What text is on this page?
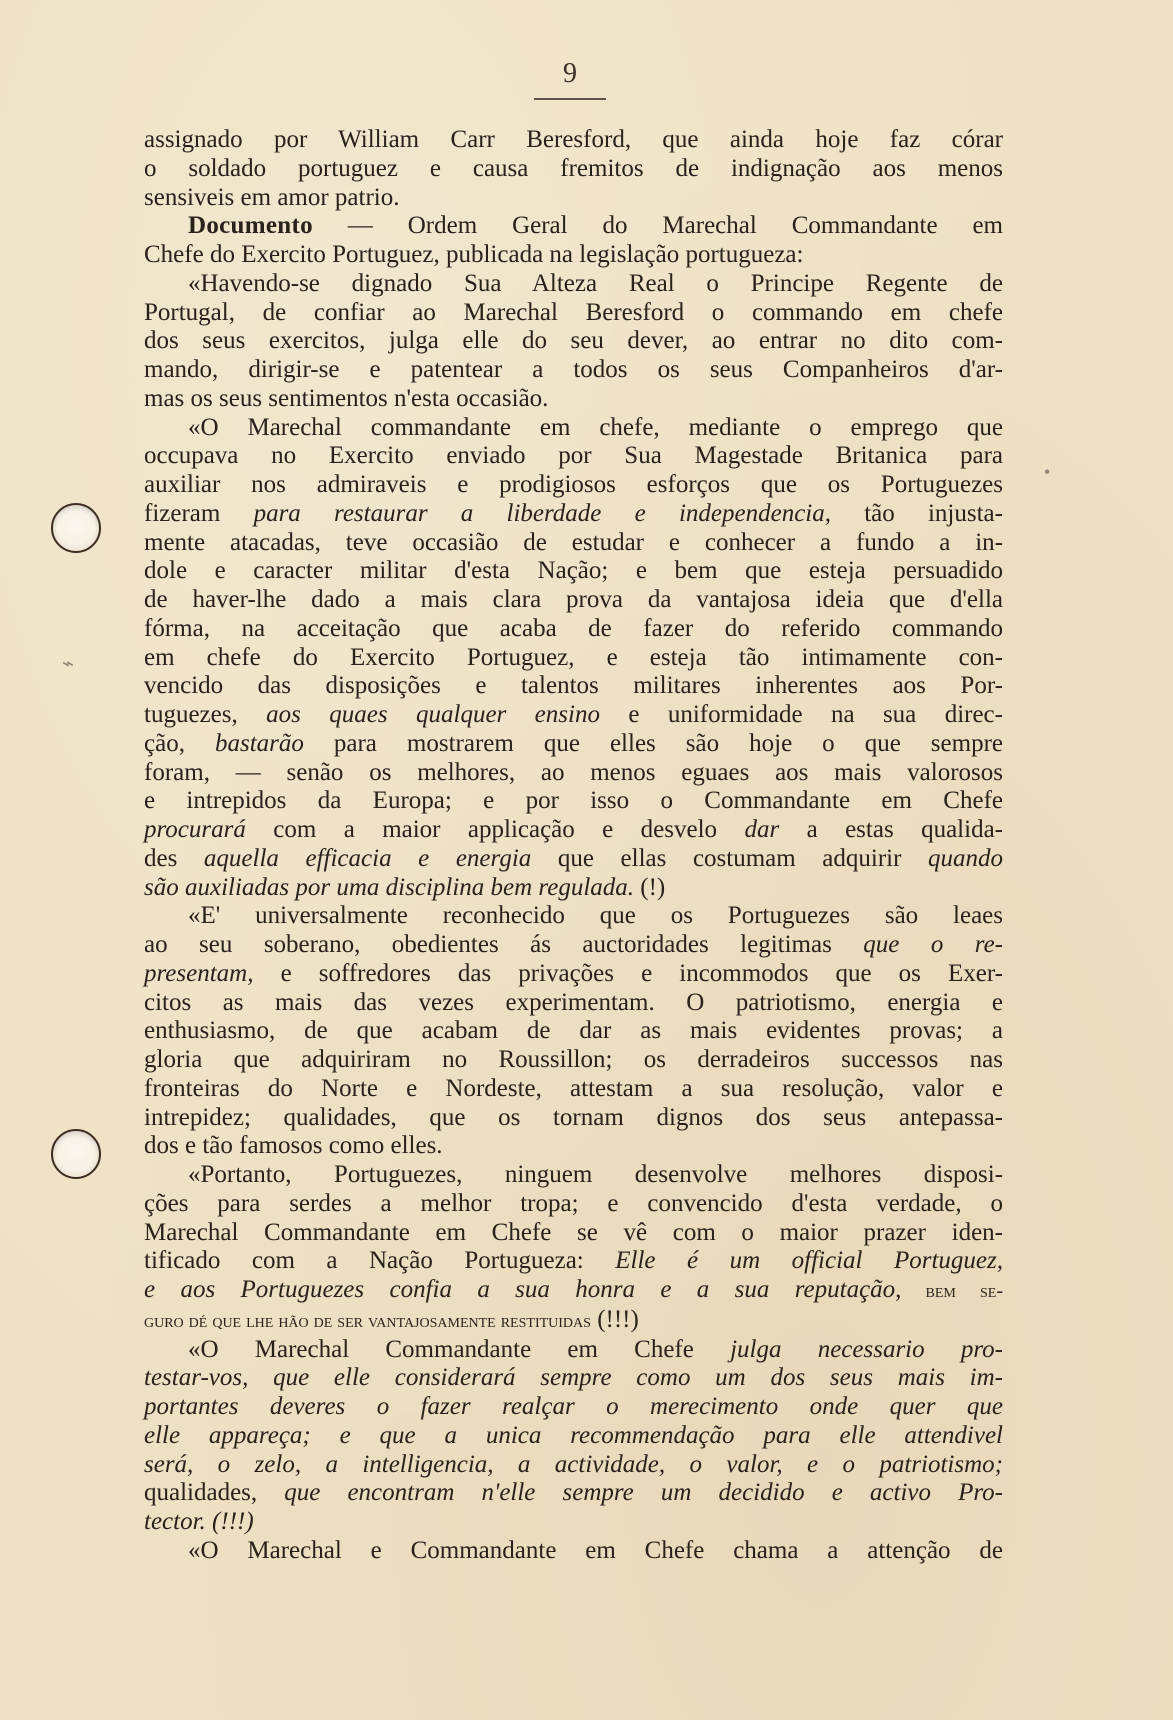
9
⌁
•
assignado por William Carr Beresford, que ainda hoje faz córar
o soldado portuguez e causa fremitos de indignação aos menos
sensiveis em amor patrio.
Documento — Ordem Geral do Marechal Commandante em
Chefe do Exercito Portuguez, publicada na legislação portugueza:
«Havendo-se dignado Sua Alteza Real o Principe Regente de
Portugal, de confiar ao Marechal Beresford o commando em chefe
dos seus exercitos, julga elle do seu dever, ao entrar no dito com-
mando, dirigir-se e patentear a todos os seus Companheiros d'ar-
mas os seus sentimentos n'esta occasião.
«O Marechal commandante em chefe, mediante o emprego que
occupava no Exercito enviado por Sua Magestade Britanica para
auxiliar nos admiraveis e prodigiosos esforços que os Portuguezes
fizeram para restaurar a liberdade e independencia, tão injusta-
mente atacadas, teve occasião de estudar e conhecer a fundo a in-
dole e caracter militar d'esta Nação; e bem que esteja persuadido
de haver-lhe dado a mais clara prova da vantajosa ideia que d'ella
fórma, na acceitação que acaba de fazer do referido commando
em chefe do Exercito Portuguez, e esteja tão intimamente con-
vencido das disposições e talentos militares inherentes aos Por-
tuguezes, aos quaes qualquer ensino e uniformidade na sua direc-
ção, bastarão para mostrarem que elles são hoje o que sempre
foram, — senão os melhores, ao menos eguaes aos mais valorosos
e intrepidos da Europa; e por isso o Commandante em Chefe
procurará com a maior applicação e desvelo dar a estas qualida-
des aquella efficacia e energia que ellas costumam adquirir quando
são auxiliadas por uma disciplina bem regulada. (!)
«E' universalmente reconhecido que os Portuguezes são leaes
ao seu soberano, obedientes ás auctoridades legitimas que o re-
presentam, e soffredores das privações e incommodos que os Exer-
citos as mais das vezes experimentam. O patriotismo, energia e
enthusiasmo, de que acabam de dar as mais evidentes provas; a
gloria que adquiriram no Roussillon; os derradeiros successos nas
fronteiras do Norte e Nordeste, attestam a sua resolução, valor e
intrepidez; qualidades, que os tornam dignos dos seus antepassa-
dos e tão famosos como elles.
«Portanto, Portuguezes, ninguem desenvolve melhores disposi-
ções para serdes a melhor tropa; e convencido d'esta verdade, o
Marechal Commandante em Chefe se vê com o maior prazer iden-
tificado com a Nação Portugueza: Elle é um official Portuguez,
e aos Portuguezes confia a sua honra e a sua reputação, bem se-
guro dé que lhe hão de ser vantajosamente restituidas (!!!)
«O Marechal Commandante em Chefe julga necessario pro-
testar-vos, que elle considerará sempre como um dos seus mais im-
portantes deveres o fazer realçar o merecimento onde quer que
elle appareça; e que a unica recommendação para elle attendivel
será, o zelo, a intelligencia, a actividade, o valor, e o patriotismo;
qualidades, que encontram n'elle sempre um decidido e activo Pro-
tector. (!!!)
«O Marechal e Commandante em Chefe chama a attenção de
